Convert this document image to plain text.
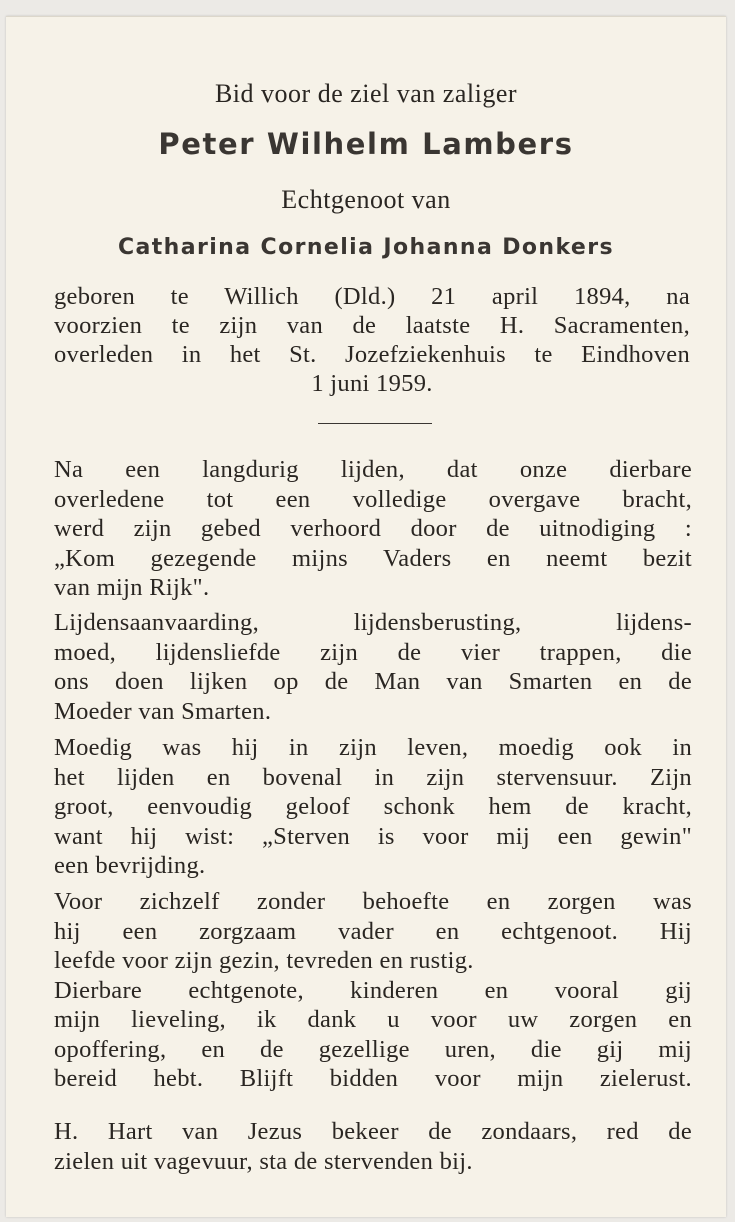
Bid voor de ziel van zaliger
Peter Wilhelm Lambers
Echtgenoot van
Catharina Cornelia Johanna Donkers
geboren te Willich (Dld.) 21 april 1894, na
voorzien te zijn van de laatste H. Sacramenten,
overleden in het St. Jozefziekenhuis te Eindhoven
1 juni 1959.
Na een langdurig lijden, dat onze dierbare
overledene tot een volledige overgave bracht,
werd zijn gebed verhoord door de uitnodiging :
„Kom gezegende mijns Vaders en neemt bezit
van mijn Rijk".
Lijdensaanvaarding, lijdensberusting, lijdens-
moed, lijdensliefde zijn de vier trappen, die
ons doen lijken op de Man van Smarten en de
Moeder van Smarten.
Moedig was hij in zijn leven, moedig ook in
het lijden en bovenal in zijn stervensuur. Zijn
groot, eenvoudig geloof schonk hem de kracht,
want hij wist: „Sterven is voor mij een gewin"
een bevrijding.
Voor zichzelf zonder behoefte en zorgen was
hij een zorgzaam vader en echtgenoot. Hij
leefde voor zijn gezin, tevreden en rustig.
Dierbare echtgenote, kinderen en vooral gij
mijn lieveling, ik dank u voor uw zorgen en
opoffering, en de gezellige uren, die gij mij
bereid hebt. Blijft bidden voor mijn zielerust.
H. Hart van Jezus bekeer de zondaars, red de
zielen uit vagevuur, sta de stervenden bij.
